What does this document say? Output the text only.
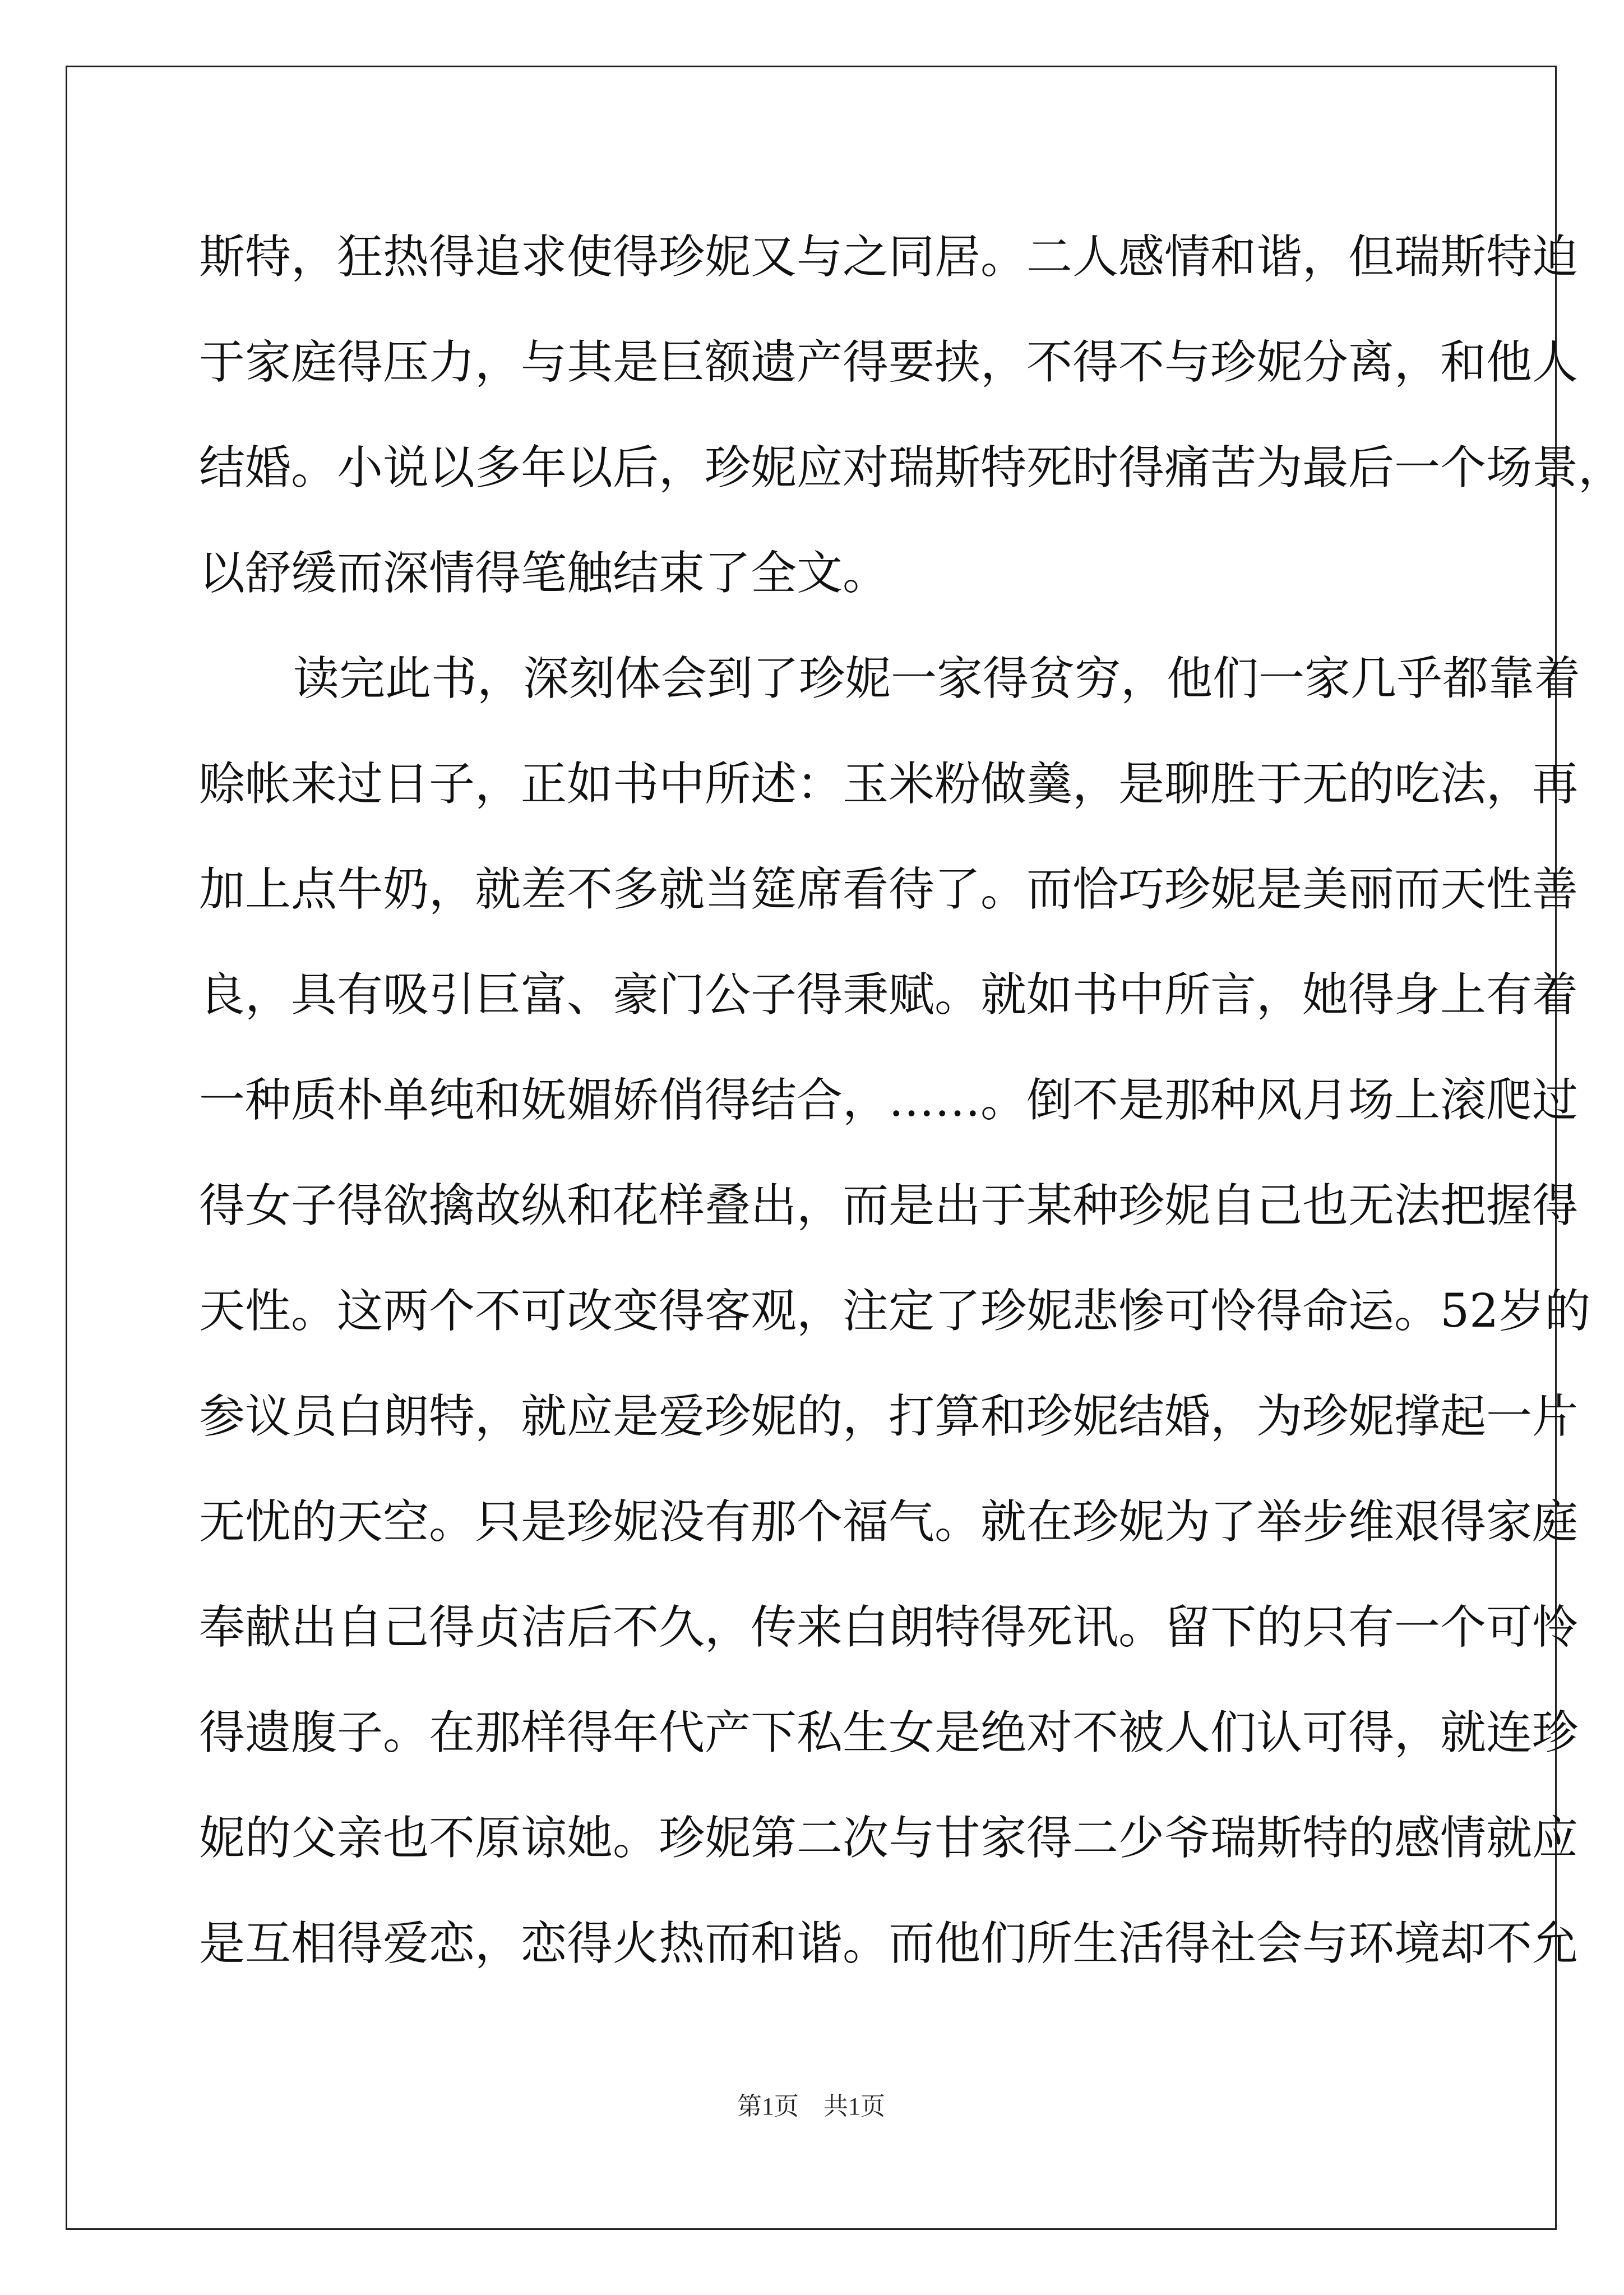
斯特，狂热得追求使得珍妮又与之同居。二人感情和谐，但瑞斯特迫
于家庭得压力，与其是巨额遗产得要挟，不得不与珍妮分离，和他人
结婚。小说以多年以后，珍妮应对瑞斯特死时得痛苦为最后一个场景，
以舒缓而深情得笔触结束了全文。
读完此书，深刻体会到了珍妮一家得贫穷，他们一家几乎都靠着
赊帐来过日子，正如书中所述：玉米粉做羹，是聊胜于无的吃法，再
加上点牛奶，就差不多就当筵席看待了。而恰巧珍妮是美丽而天性善
良，具有吸引巨富、豪门公子得秉赋。就如书中所言，她得身上有着
一种质朴单纯和妩媚娇俏得结合，……。倒不是那种风月场上滚爬过
得女子得欲擒故纵和花样叠出，而是出于某种珍妮自己也无法把握得
天性。这两个不可改变得客观，注定了珍妮悲惨可怜得命运。52岁的
参议员白朗特，就应是爱珍妮的，打算和珍妮结婚，为珍妮撑起一片
无忧的天空。只是珍妮没有那个福气。就在珍妮为了举步维艰得家庭
奉献出自己得贞洁后不久，传来白朗特得死讯。留下的只有一个可怜
得遗腹子。在那样得年代产下私生女是绝对不被人们认可得，就连珍
妮的父亲也不原谅她。珍妮第二次与甘家得二少爷瑞斯特的感情就应
是互相得爱恋，恋得火热而和谐。而他们所生活得社会与环境却不允
第1页　共1页
